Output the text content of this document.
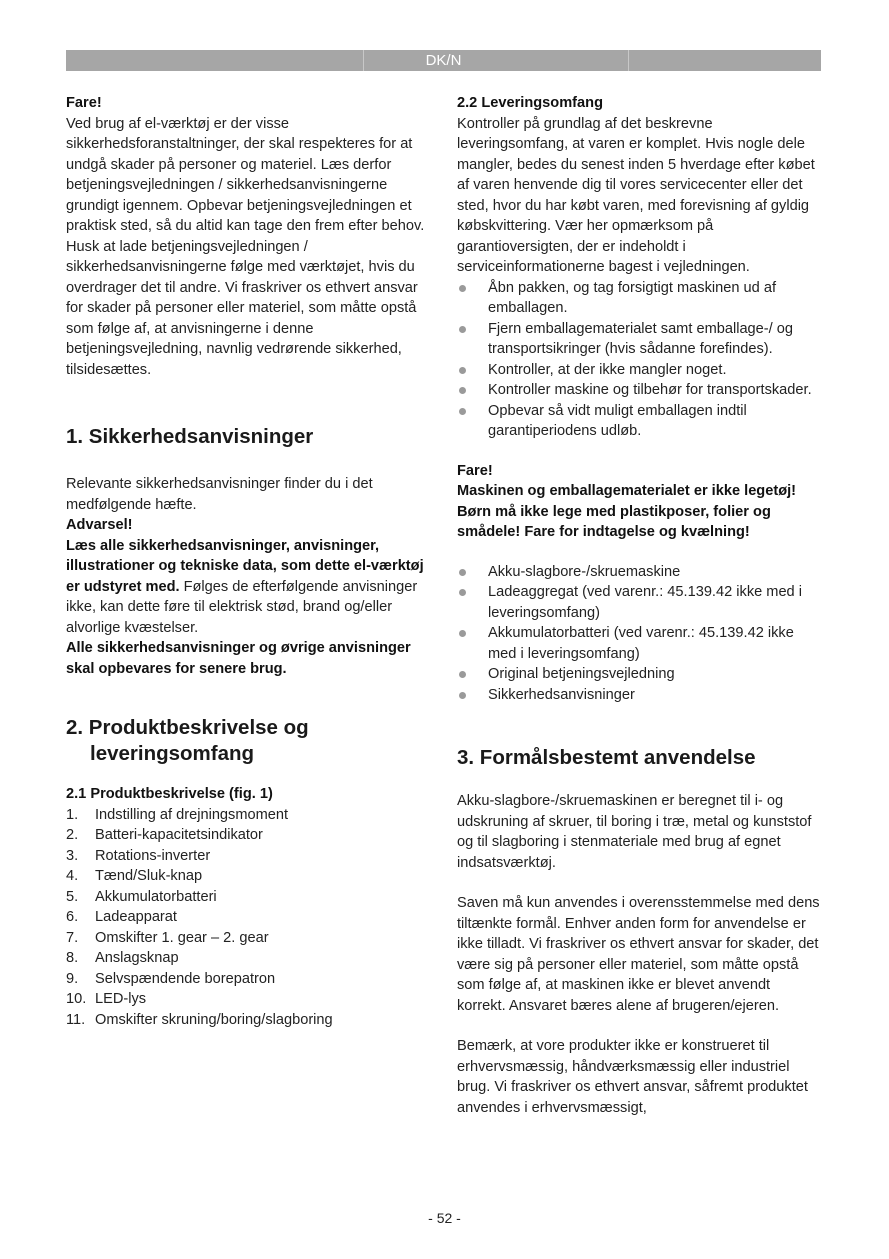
DK/N

Fare!

Ved brug af el-værktøj er der visse sikkerhedsforanstaltninger, der skal respekteres for at undgå skader på personer og materiel. Læs derfor betjeningsvejledningen / sikkerhedsanvisningerne grundigt igennem. Opbevar betjeningsvejledningen et praktisk sted, så du altid kan tage den frem efter behov. Husk at lade betjeningsvejledningen / sikkerhedsanvisningerne følge med værktøjet, hvis du overdrager det til andre. Vi fraskriver os ethvert ansvar for skader på personer eller materiel, som måtte opstå som følge af, at anvisningerne i denne betjeningsvejledning, navnlig vedrørende sikkerhed, tilsidesættes.

1. Sikkerhedsanvisninger

Relevante sikkerhedsanvisninger finder du i det medfølgende hæfte.

Advarsel!

Læs alle sikkerhedsanvisninger, anvisninger, illustrationer og tekniske data, som dette el-værktøj er udstyret med. Følges de efterfølgende anvisninger ikke, kan dette føre til elektrisk stød, brand og/eller alvorlige kvæstelser.

Alle sikkerhedsanvisninger og øvrige anvisninger skal opbevares for senere brug.

2. Produktbeskrivelse og

leveringsomfang

2.1 Produktbeskrivelse (fig. 1)

1. Indstilling af drejningsmoment
2. Batteri-kapacitetsindikator
3. Rotations-inverter
4. Tænd/Sluk-knap
5. Akkumulatorbatteri
6. Ladeapparat
7. Omskifter 1. gear – 2. gear
8. Anslagsknap
9. Selvspændende borepatron
10. LED-lys
11. Omskifter skruning/boring/slagboring

2.2 Leveringsomfang

Kontroller på grundlag af det beskrevne leveringsomfang, at varen er komplet. Hvis nogle dele mangler, bedes du senest inden 5 hverdage efter købet af varen henvende dig til vores servicecenter eller det sted, hvor du har købt varen, med forevisning af gyldig købskvittering. Vær her opmærksom på garantioversigten, der er indeholdt i serviceinformationerne bagest i vejledningen.

Åbn pakken, og tag forsigtigt maskinen ud af emballagen.
Fjern emballagematerialet samt emballage-/ og transportsikringer (hvis sådanne forefindes).
Kontroller, at der ikke mangler noget.
Kontroller maskine og tilbehør for transportskader.
Opbevar så vidt muligt emballagen indtil garantiperiodens udløb.

Fare!

Maskinen og emballagematerialet er ikke legetøj! Børn må ikke lege med plastikposer, folier og smådele! Fare for indtagelse og kvælning!

Akku-slagbore-/skruemaskine
Ladeaggregat (ved varenr.: 45.139.42 ikke med i leveringsomfang)
Akkumulatorbatteri (ved varenr.: 45.139.42 ikke med i leveringsomfang)
Original betjeningsvejledning
Sikkerhedsanvisninger

3. Formålsbestemt anvendelse

Akku-slagbore-/skruemaskinen er beregnet til i- og udskruning af skruer, til boring i træ, metal og kunststof og til slagboring i stenmateriale med brug af egnet indsatsværktøj.

Saven må kun anvendes i overensstemmelse med dens tiltænkte formål. Enhver anden form for anvendelse er ikke tilladt. Vi fraskriver os ethvert ansvar for skader, det være sig på personer eller materiel, som måtte opstå som følge af, at maskinen ikke er blevet anvendt korrekt. Ansvaret bæres alene af brugeren/ejeren.

Bemærk, at vore produkter ikke er konstrueret til erhvervsmæssig, håndværksmæssig eller industriel brug. Vi fraskriver os ethvert ansvar, såfremt produktet anvendes i erhvervsmæssigt,

- 52 -
